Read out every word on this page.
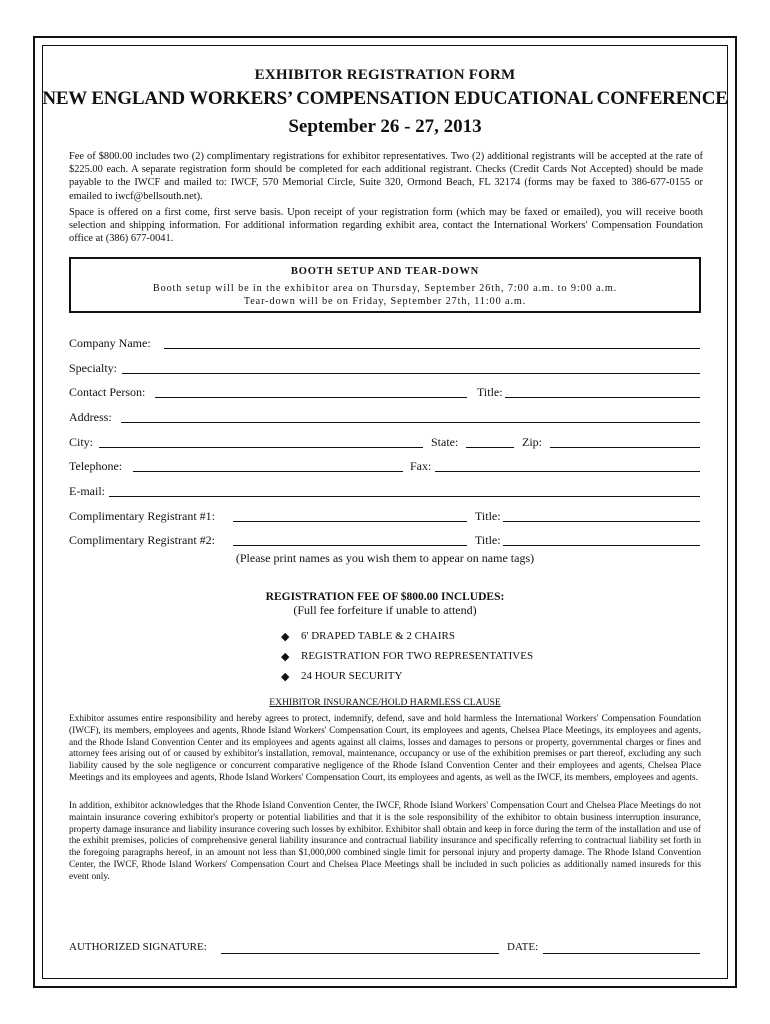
EXHIBITOR REGISTRATION FORM
NEW ENGLAND WORKERS’ COMPENSATION EDUCATIONAL CONFERENCE
September 26 - 27, 2013
Fee of $800.00 includes two (2) complimentary registrations for exhibitor representatives. Two (2) additional registrants will be accepted at the rate of $225.00 each. A separate registration form should be completed for each additional registrant. Checks (Credit Cards Not Accepted) should be made payable to the IWCF and mailed to: IWCF, 570 Memorial Circle, Suite 320, Ormond Beach, FL 32174 (forms may be faxed to 386-677-0155 or emailed to iwcf@bellsouth.net).
Space is offered on a first come, first serve basis. Upon receipt of your registration form (which may be faxed or emailed), you will receive booth selection and shipping information. For additional information regarding exhibit area, contact the International Workers' Compensation Foundation office at (386) 677-0041.
BOOTH SETUP AND TEAR-DOWN
Booth setup will be in the exhibitor area on Thursday, September 26th, 7:00 a.m. to 9:00 a.m.
Tear-down will be on Friday, September 27th, 11:00 a.m.
Company Name:
Specialty:
Contact Person:	Title:
Address:
City:	State:	Zip:
Telephone:	Fax:
E-mail:
Complimentary Registrant #1:	Title:
Complimentary Registrant #2:	Title:
(Please print names as you wish them to appear on name tags)
REGISTRATION FEE OF $800.00 INCLUDES:
(Full fee forfeiture if unable to attend)
◆ 6' DRAPED TABLE & 2 CHAIRS
◆ REGISTRATION FOR TWO REPRESENTATIVES
◆ 24 HOUR SECURITY
EXHIBITOR INSURANCE/HOLD HARMLESS CLAUSE
Exhibitor assumes entire responsibility and hereby agrees to protect, indemnify, defend, save and hold harmless the International Workers' Compensation Foundation (IWCF), its members, employees and agents, Rhode Island Workers' Compensation Court, its employees and agents, Chelsea Place Meetings, its employees and agents, and the Rhode Island Convention Center and its employees and agents against all claims, losses and damages to persons or property, governmental charges or fines and attorney fees arising out of or caused by exhibitor's installation, removal, maintenance, occupancy or use of the exhibition premises or part thereof, excluding any such liability caused by the sole negligence or concurrent comparative negligence of the Rhode Island Convention Center and their employees and agents, Chelsea Place Meetings and its employees and agents, Rhode Island Workers' Compensation Court, its employees and agents, as well as the IWCF, its members, employees and agents.
In addition, exhibitor acknowledges that the Rhode Island Convention Center, the IWCF, Rhode Island Workers' Compensation Court and Chelsea Place Meetings do not maintain insurance covering exhibitor's property or potential liabilities and that it is the sole responsibility of the exhibitor to obtain business interruption insurance, property damage insurance and liability insurance covering such losses by exhibitor. Exhibitor shall obtain and keep in force during the term of the installation and use of the exhibit premises, policies of comprehensive general liability insurance and contractual liability insurance and specifically referring to contractual liability set forth in the foregoing paragraphs hereof, in an amount not less than $1,000,000 combined single limit for personal injury and property damage. The Rhode Island Convention Center, the IWCF, Rhode Island Workers' Compensation Court and Chelsea Place Meetings shall be included in such policies as additionally named insureds for this event only.
AUTHORIZED SIGNATURE:	DATE:
